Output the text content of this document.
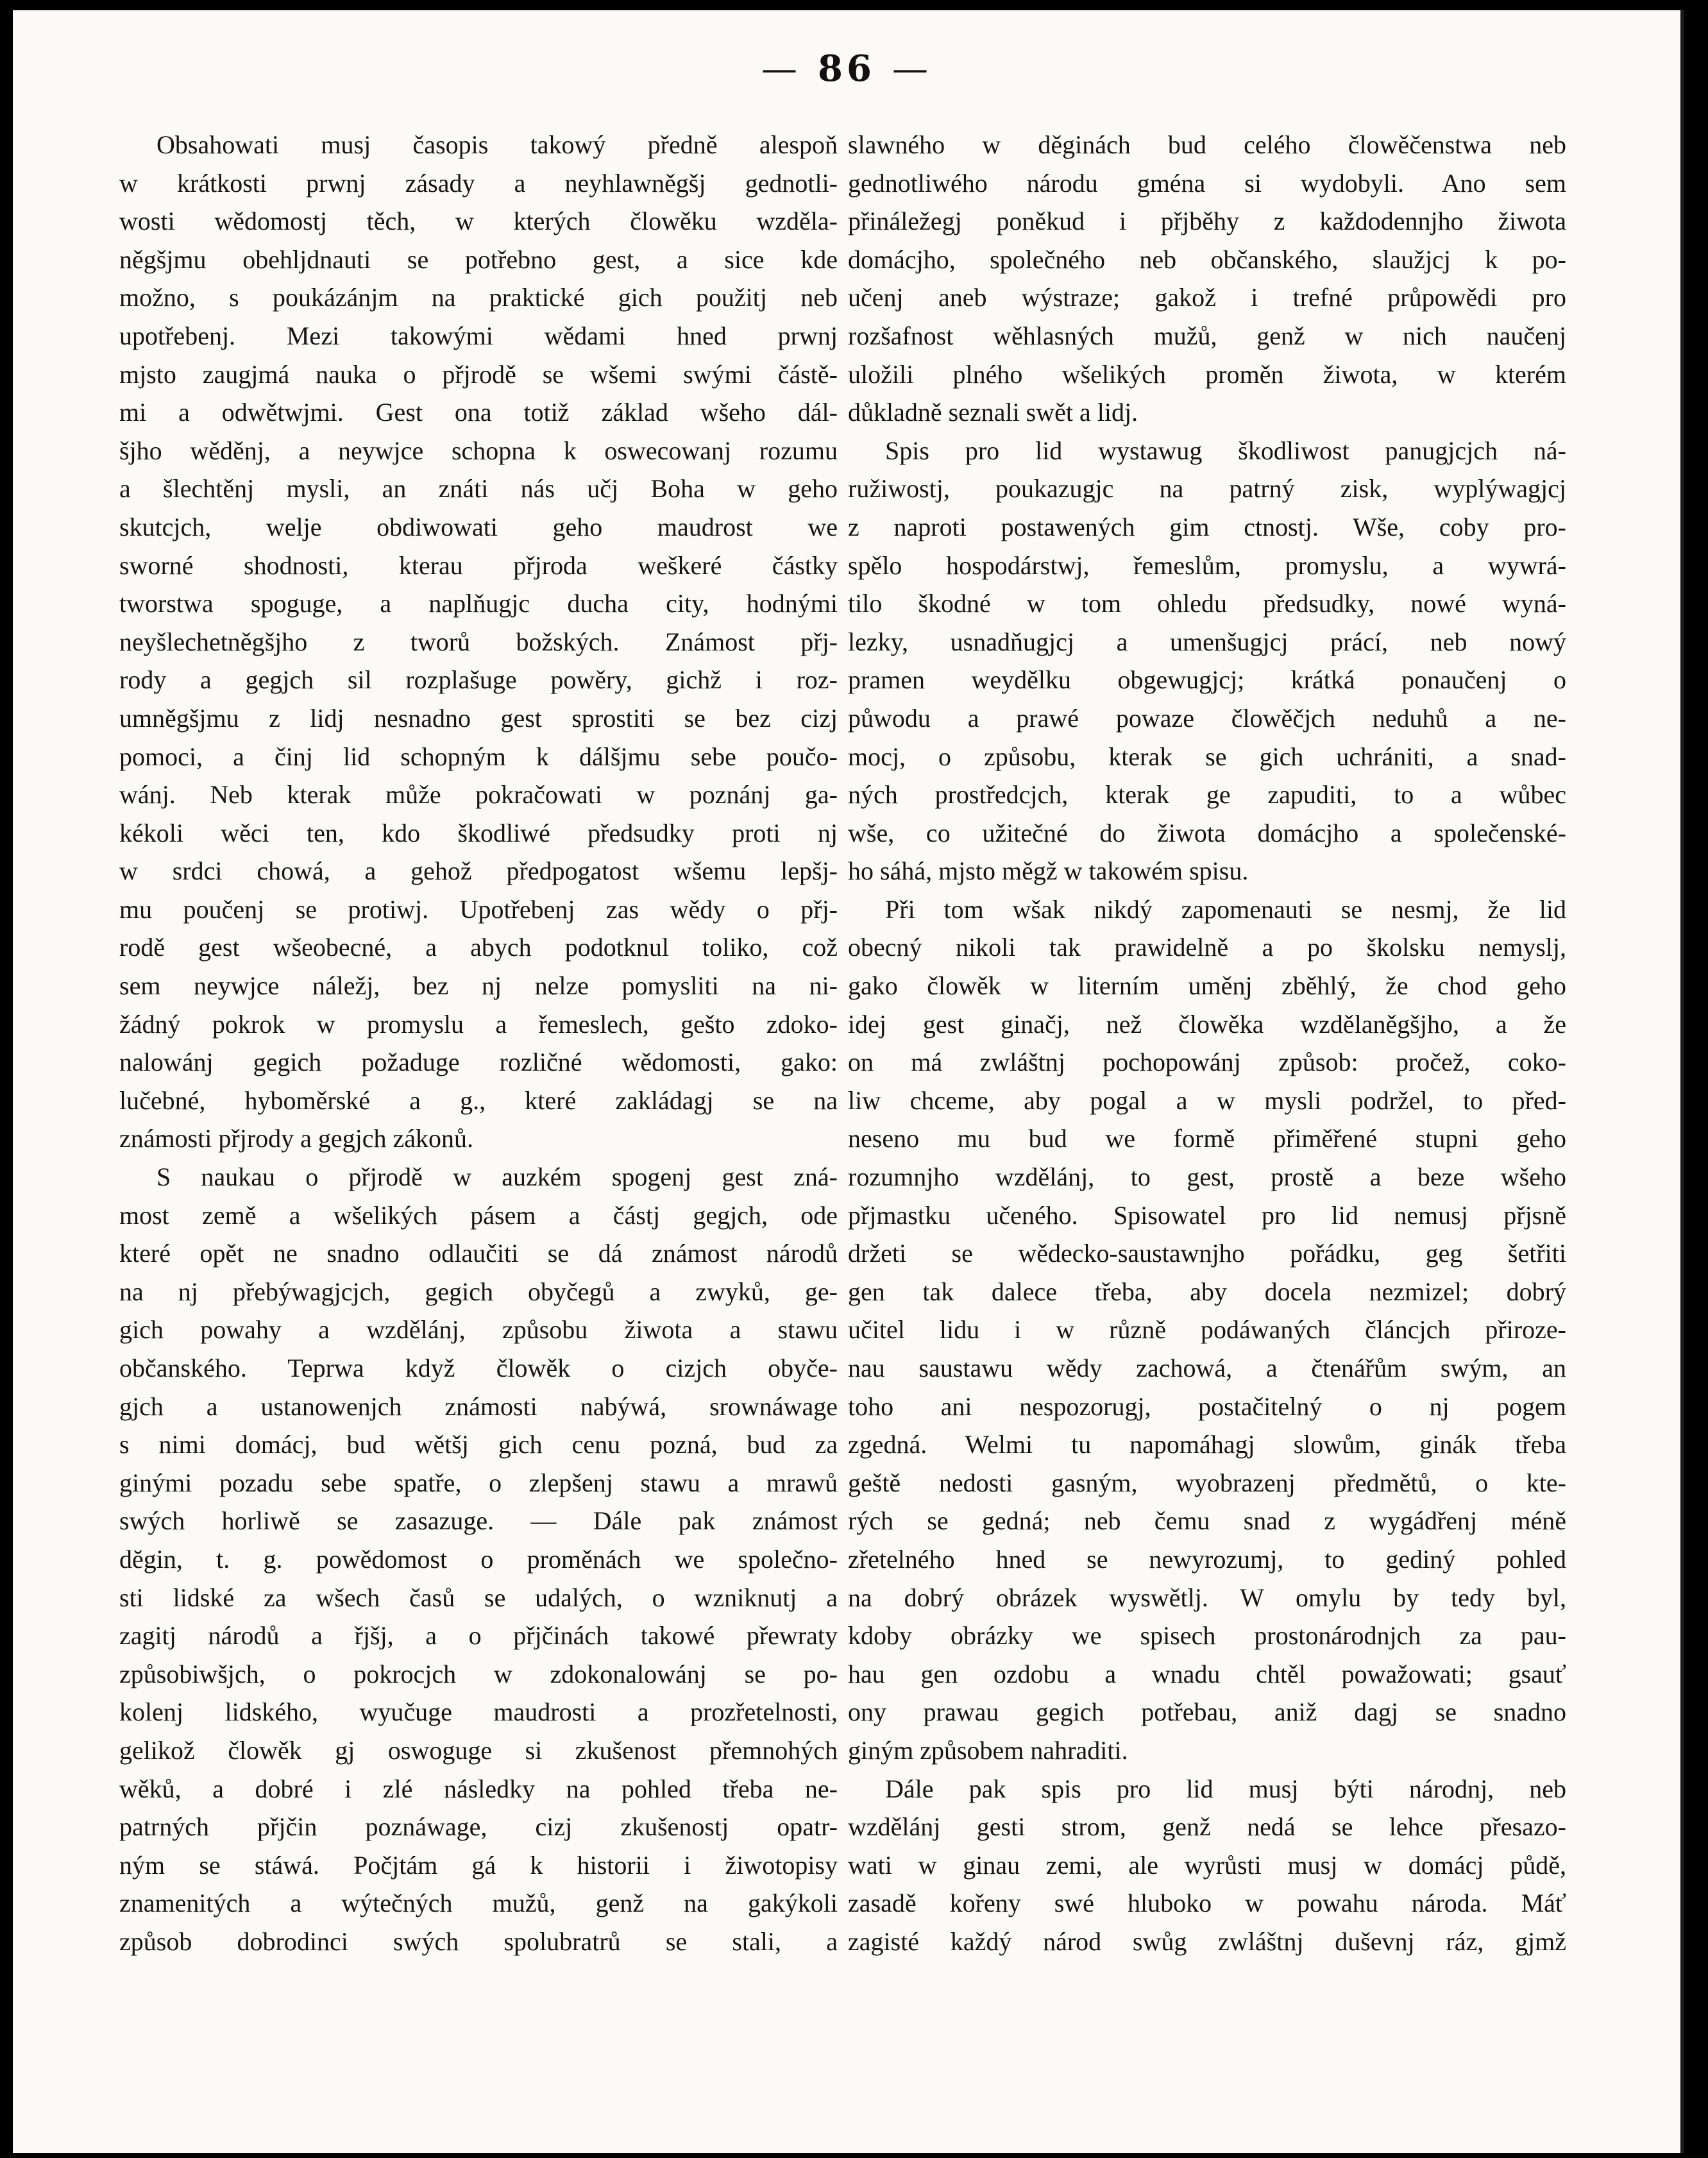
— 86 —
Obsahowati musj časopis takowý předně alespoň
w krátkosti prwnj zásady a neyhlawněgšj gednotli-
wosti wědomostj těch, w kterých člowěku wzděla-
něgšjmu obehljdnauti se potřebno gest, a sice kde
možno, s poukázánjm na praktické gich použitj neb
upotřebenj. Mezi takowými wědami hned prwnj
mjsto zaugjmá nauka o přjrodě se wšemi swými částě-
mi a odwětwjmi. Gest ona totiž základ wšeho dál-
šjho wěděnj, a neywjce schopna k oswecowanj rozumu
a šlechtěnj mysli, an znáti nás učj Boha w geho
skutcjch, welje obdiwowati geho maudrost we
sworné shodnosti, kterau přjroda weškeré částky
tworstwa spoguge, a naplňugjc ducha city, hodnými
neyšlechetněgšjho z tworů božských. Známost přj-
rody a gegjch sil rozplašuge powěry, gichž i roz-
umněgšjmu z lidj nesnadno gest sprostiti se bez cizj
pomoci, a činj lid schopným k dálšjmu sebe poučo-
wánj. Neb kterak může pokračowati w poznánj ga-
kékoli wěci ten, kdo škodliwé předsudky proti nj
w srdci chowá, a gehož předpogatost wšemu lepšj-
mu poučenj se protiwj. Upotřebenj zas wědy o přj-
rodě gest wšeobecné, a abych podotknul toliko, což
sem neywjce náležj, bez nj nelze pomysliti na ni-
žádný pokrok w promyslu a řemeslech, gešto zdoko-
nalowánj gegich požaduge rozličné wědomosti, gako:
lučebné, hyboměrské a g., které zakládagj se na
známosti přjrody a gegjch zákonů.
S naukau o přjrodě w auzkém spogenj gest zná-
most země a wšelikých pásem a částj gegjch, ode
které opět ne snadno odlaučiti se dá známost národů
na nj přebýwagjcjch, gegich obyčegů a zwyků, ge-
gich powahy a wzdělánj, způsobu žiwota a stawu
občanského. Teprwa když člowěk o cizjch obyče-
gjch a ustanowenjch známosti nabýwá, srownáwage
s nimi domácj, bud wětšj gich cenu pozná, bud za
ginými pozadu sebe spatře, o zlepšenj stawu a mrawů
swých horliwě se zasazuge. — Dále pak známost
dĕgin, t. g. powědomost o proměnách we společno-
sti lidské za wšech časů se udalých, o wzniknutj a
zagitj národů a řjšj, a o přjčinách takowé přewraty
způsobiwšjch, o pokrocjch w zdokonalowánj se po-
kolenj lidského, wyučuge maudrosti a prozřetelnosti,
gelikož člowěk gj oswoguge si zkušenost přemnohých
wěků, a dobré i zlé následky na pohled třeba ne-
patrných přjčin poznáwage, cizj zkušenostj opatr-
ným se stáwá. Počjtám gá k historii i žiwotopisy
znamenitých a wýtečných mužů, genž na gakýkoli
způsob dobrodinci swých spolubratrů se stali, a
slawného w děginách bud celého člowěčenstwa neb
gednotliwého národu gména si wydobyli. Ano sem
přináležegj poněkud i přjběhy z každodennjho žiwota
domácjho, společného neb občanského, slaužjcj k po-
učenj aneb wýstraze; gakož i trefné průpowědi pro
rozšafnost wěhlasných mužů, genž w nich naučenj
uložili plného wšelikých proměn žiwota, w kterém
důkladně seznali swět a lidj.
Spis pro lid wystawug škodliwost panugjcjch ná-
ružiwostj, poukazugjc na patrný zisk, wyplýwagjcj
z naproti postawených gim ctnostj. Wše, coby pro-
spělo hospodárstwj, řemeslům, promyslu, a wywrá-
tilo škodné w tom ohledu předsudky, nowé wyná-
lezky, usnadňugjcj a umenšugjcj prácí, neb nowý
pramen weydělku obgewugjcj; krátká ponaučenj o
půwodu a prawé powaze člowěčjch neduhů a ne-
mocj, o způsobu, kterak se gich uchrániti, a snad-
ných prostředcjch, kterak ge zapuditi, to a wůbec
wše, co užitečné do žiwota domácjho a společenské-
ho sáhá, mjsto měgž w takowém spisu.
Při tom wšak nikdý zapomenauti se nesmj, že lid
obecný nikoli tak prawidelně a po školsku nemyslj,
gako člowěk w literním uměnj zběhlý, že chod geho
idej gest ginačj, než člowěka wzdělaněgšjho, a že
on má zwláštnj pochopowánj způsob: pročež, coko-
liw chceme, aby pogal a w mysli podržel, to před-
neseno mu bud we formě přiměřené stupni geho
rozumnjho wzdělánj, to gest, prostě a beze wšeho
přjmastku učeného. Spisowatel pro lid nemusj přjsně
držeti se wědecko-saustawnjho pořádku, geg šetřiti
gen tak dalece třeba, aby docela nezmizel; dobrý
učitel lidu i w různě podáwaných článcjch přiroze-
nau saustawu wědy zachowá, a čtenářům swým, an
toho ani nespozorugj, postačitelný o nj pogem
zgedná. Welmi tu napomáhagj slowům, ginák třeba
geště nedosti gasným, wyobrazenj předmětů, o kte-
rých se gedná; neb čemu snad z wygádřenj méně
zřetelného hned se newyrozumj, to gediný pohled
na dobrý obrázek wyswětlj. W omylu by tedy byl,
kdoby obrázky we spisech prostonárodnjch za pau-
hau gen ozdobu a wnadu chtěl powažowati; gsauť
ony prawau gegich potřebau, aniž dagj se snadno
giným způsobem nahraditi.
Dále pak spis pro lid musj býti národnj, neb
wzdělánj gesti strom, genž nedá se lehce přesazo-
wati w ginau zemi, ale wyrůsti musj w domácj půdě,
zasadě kořeny swé hluboko w powahu národa. Máť
zagisté každý národ swůg zwláštnj duševnj ráz, gjmž
